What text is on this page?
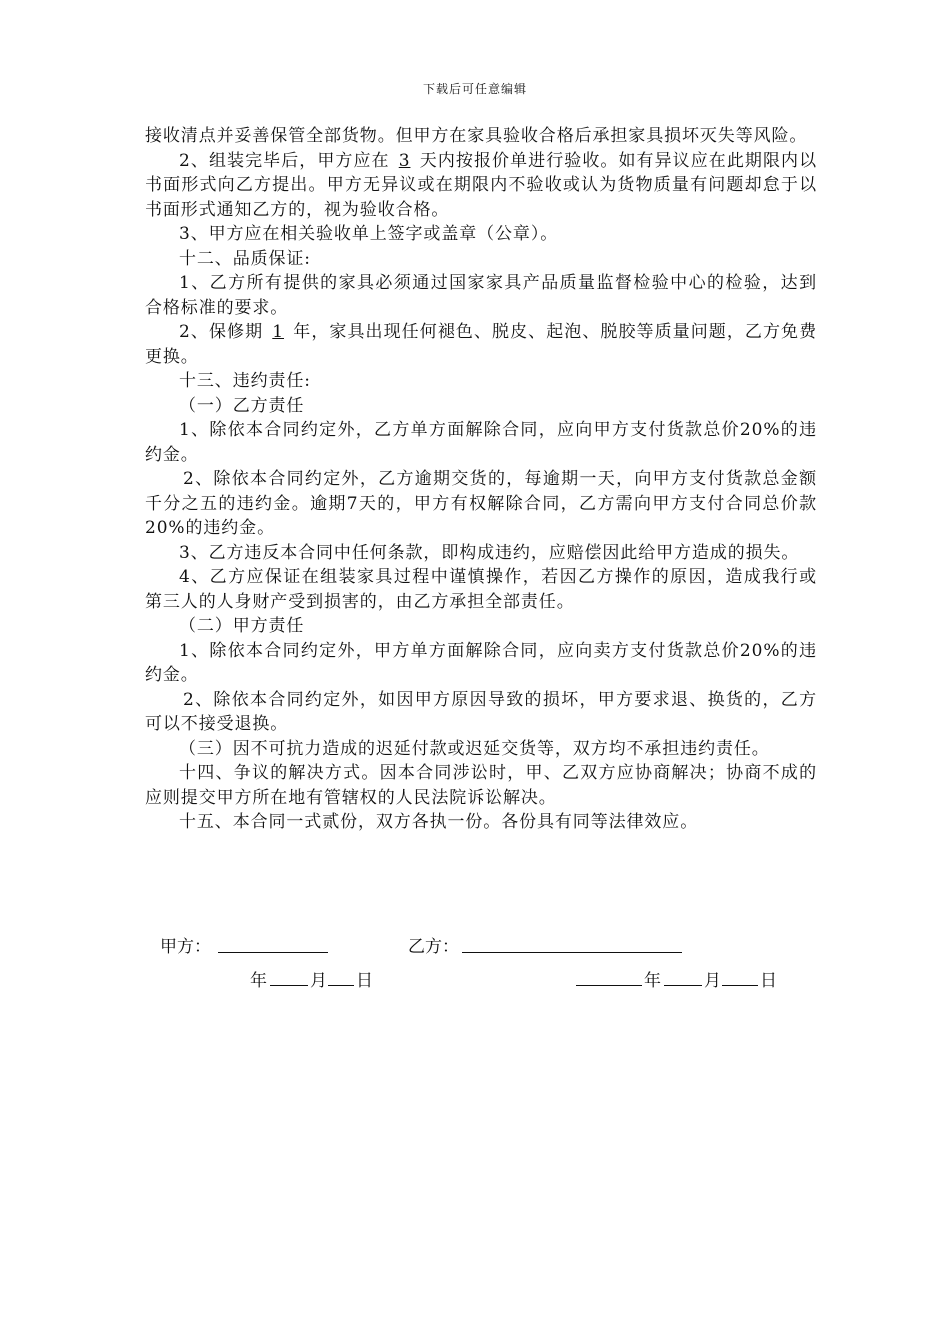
下载后可任意编辑

接收清点并妥善保管全部货物。但甲方在家具验收合格后承担家具损坏灭失等风险。

2、组装完毕后，甲方应在 3 天内按报价单进行验收。如有异议应在此期限内以书面形式向乙方提出。甲方无异议或在期限内不验收或认为货物质量有问题却怠于以书面形式通知乙方的，视为验收合格。

3、甲方应在相关验收单上签字或盖章（公章）。

十二、品质保证:

1、乙方所有提供的家具必须通过国家家具产品质量监督检验中心的检验，达到合格标准的要求。

2、保修期 1 年，家具出现任何褪色、脱皮、起泡、脱胶等质量问题，乙方免费更换。

十三、违约责任:

（一）乙方责任

1、除依本合同约定外，乙方单方面解除合同，应向甲方支付货款总价20%的违约金。

2、除依本合同约定外，乙方逾期交货的，每逾期一天，向甲方支付货款总金额千分之五的违约金。逾期7天的，甲方有权解除合同，乙方需向甲方支付合同总价款20%的违约金。

3、乙方违反本合同中任何条款，即构成违约，应赔偿因此给甲方造成的损失。

4、乙方应保证在组装家具过程中谨慎操作，若因乙方操作的原因，造成我行或第三人的人身财产受到损害的，由乙方承担全部责任。

（二）甲方责任

1、除依本合同约定外，甲方单方面解除合同，应向卖方支付货款总价20%的违约金。

2、除依本合同约定外，如因甲方原因导致的损坏，甲方要求退、换货的，乙方可以不接受退换。

（三）因不可抗力造成的迟延付款或迟延交货等，双方均不承担违约责任。

十四、争议的解决方式。因本合同涉讼时，甲、乙双方应协商解决；协商不成的应则提交甲方所在地有管辖权的人民法院诉讼解决。

十五、本合同一式贰份，双方各执一份。各份具有同等法律效应。

甲方：	乙方：
年	月 日	年	月 日
